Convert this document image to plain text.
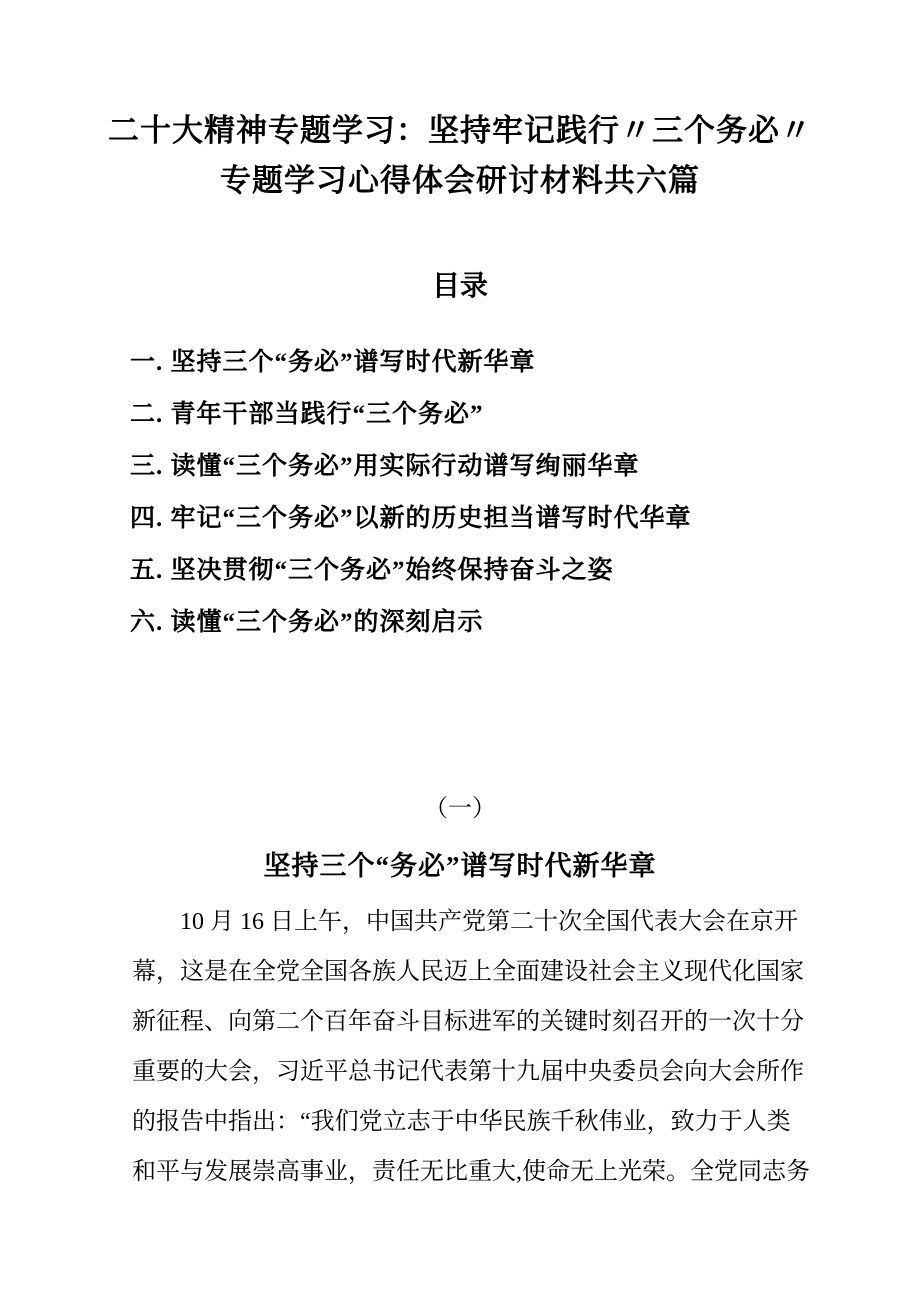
二十大精神专题学习：坚持牢记践行〃三个务必〃
专题学习心得体会研讨材料共六篇
目录
一. 坚持三个“务必”谱写时代新华章
二. 青年干部当践行“三个务必”
三. 读懂“三个务必”用实际行动谱写绚丽华章
四. 牢记“三个务必”以新的历史担当谱写时代华章
五. 坚决贯彻“三个务必”始终保持奋斗之姿
六. 读懂“三个务必”的深刻启示
（一）
坚持三个“务必”谱写时代新华章
10 月 16 日上午，中国共产党第二十次全国代表大会在京开
幕，这是在全党全国各族人民迈上全面建设社会主义现代化国家
新征程、向第二个百年奋斗目标进军的关键时刻召开的一次十分
重要的大会，习近平总书记代表第十九届中央委员会向大会所作
的报告中指出：“我们党立志于中华民族千秋伟业，致力于人类
和平与发展崇高事业，责任无比重大,使命无上光荣。全党同志务
